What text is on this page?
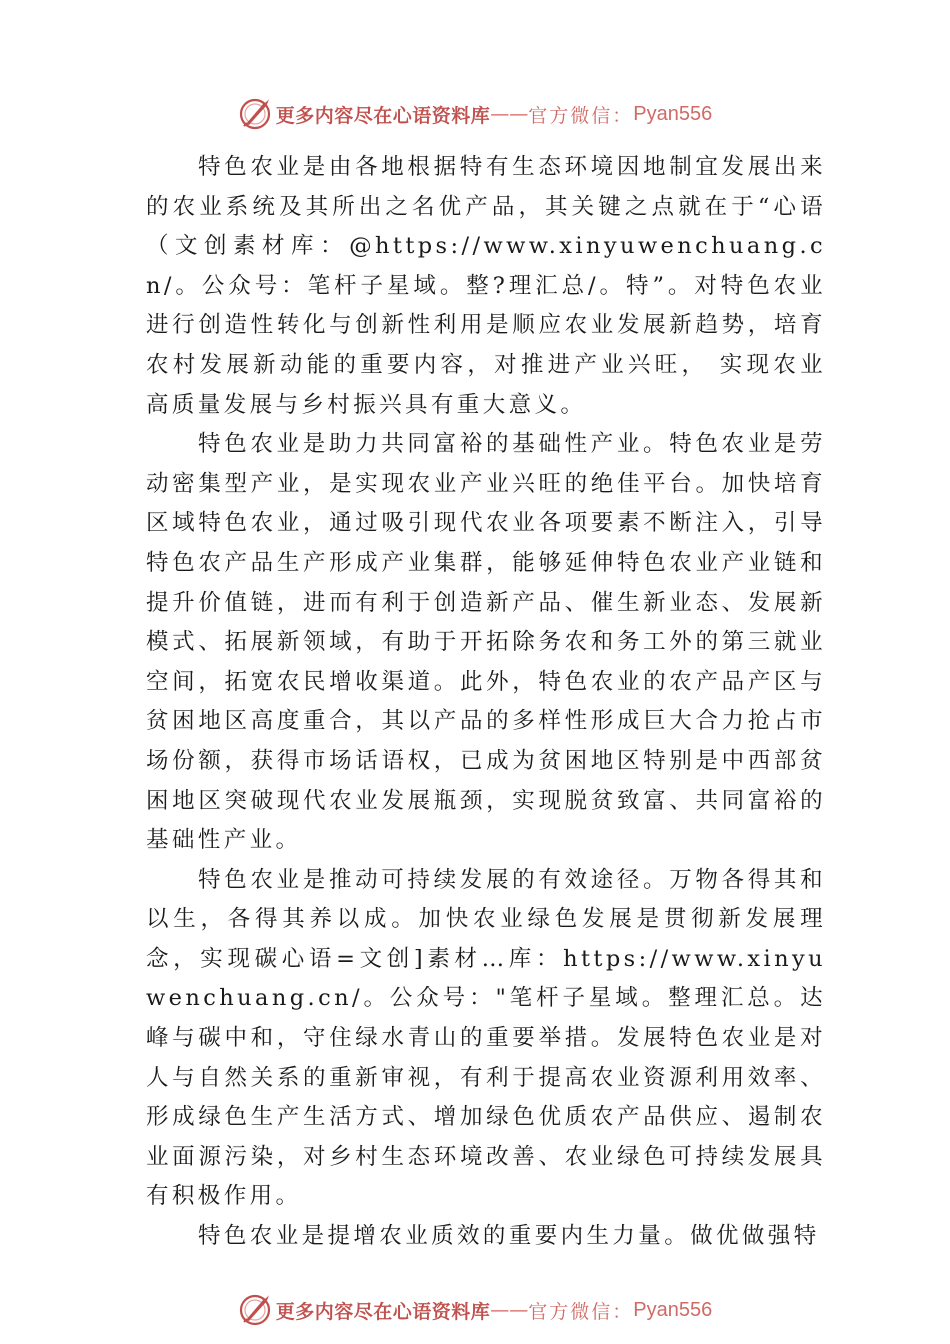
更多内容尽在心语资料库 —— 官方微信： Pyan556

特色农业是由各地根据特有生态环境因地制宜发展出来的农业系统及其所出之名优产品，其关键之点就在于“心语（文创素材库：@https://www.xinyuwenchuang.cn/。公众号：笔杆子星域。整?理汇总/。特”。对特色农业进行创造性转化与创新性利用是顺应农业发展新趋势，培育农村发展新动能的重要内容，对推进产业兴旺， 实现农业高质量发展与乡村振兴具有重大意义。

特色农业是助力共同富裕的基础性产业。特色农业是劳动密集型产业，是实现农业产业兴旺的绝佳平台。加快培育区域特色农业，通过吸引现代农业各项要素不断注入，引导特色农产品生产形成产业集群，能够延伸特色农业产业链和提升价值链，进而有利于创造新产品、催生新业态、发展新模式、拓展新领域，有助于开拓除务农和务工外的第三就业空间，拓宽农民增收渠道。此外，特色农业的农产品产区与贫困地区高度重合，其以产品的多样性形成巨大合力抢占市场份额，获得市场话语权，已成为贫困地区特别是中西部贫困地区突破现代农业发展瓶颈，实现脱贫致富、共同富裕的基础性产业。

特色农业是推动可持续发展的有效途径。万物各得其和以生，各得其养以成。加快农业绿色发展是贯彻新发展理念，实现碳心语=文创]素材…库：https://www.xinyuwenchuang.cn/。公众号："笔杆子星域。整理汇总。达峰与碳中和，守住绿水青山的重要举措。发展特色农业是对人与自然关系的重新审视，有利于提高农业资源利用效率、形成绿色生产生活方式、增加绿色优质农产品供应、遏制农业面源污染，对乡村生态环境改善、农业绿色可持续发展具有积极作用。

特色农业是提增农业质效的重要内生力量。做优做强特

更多内容尽在心语资料库 —— 官方微信： Pyan556
